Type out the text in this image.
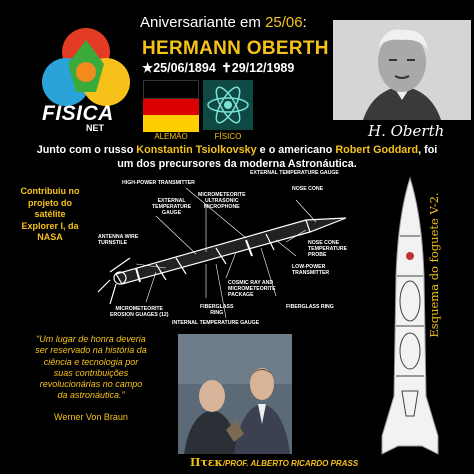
FISICA
NET
Aniversariante em 25/06:
HERMANN OBERTH
★25/06/1894 ✝29/12/1989
ALEMÃO	FÍSICO	H. Oberth
Junto com o russo Konstantin Tsiolkovsky e o americano Robert Goddard, foi
um dos precursores da moderna Astronáutica.
Contribuiu no
projeto do
satélite
Explorer I, da
NASA
HIGH-POWER TRANSMITTER
EXTERNAL TEMPERATURE GAUGE
MICROMETEORITE
ULTRASONIC
MICROPHONE
EXTERNAL
TEMPERATURE
GAUGE
NOSE CONE
ANTENNA WIRE
TURNSTILE	NOSE CONE
TEMPERATURE
PROBE
LOW-POWER
TRANSMITTER
COSMIC RAY AND
MICROMETEORITE
PACKAGE
FIBERGLASS
RING
FIBERGLASS RING
MICROMETEORITE
EROSION GUAGES (12)
INTERNAL TEMPERATURE GAUGE	Esquema do foguete V-2.
“Um lugar de honra deveria
ser reservado na história da
ciência e tecnologia por
suas contribuições
revolucionárias no campo
da astronáutica.”
Werner Von Braun
Πτεκ/PROF. ALBERTO RICARDO PRASS
